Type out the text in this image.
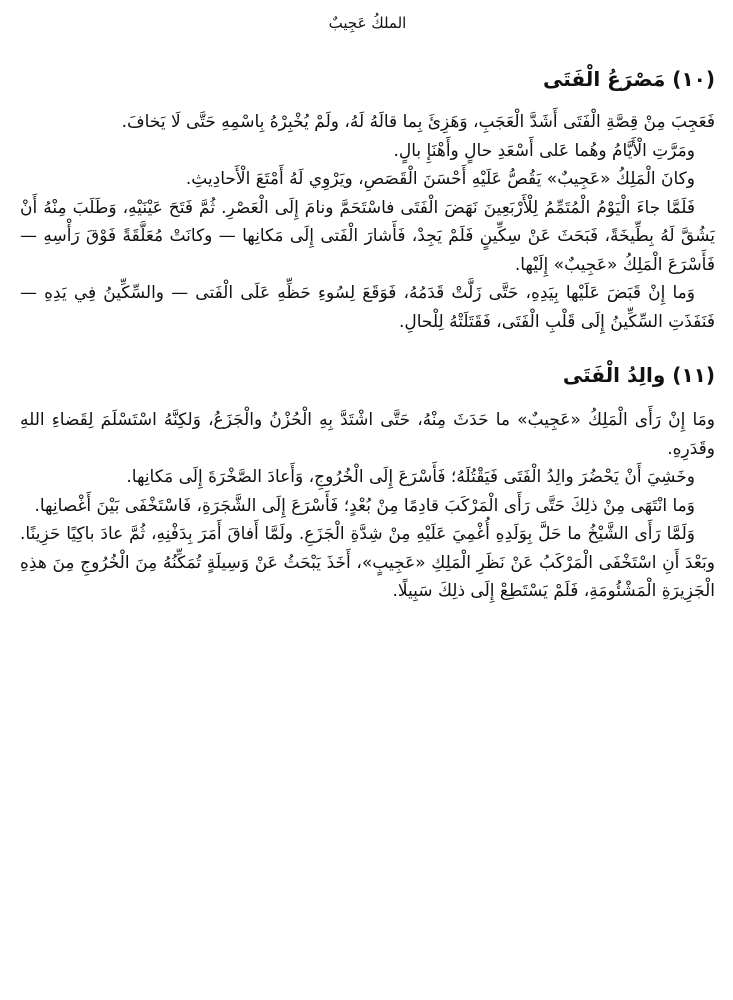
الملكُ عَجِيبٌ
(١٠) مَصْرَعُ الْفَتَى

فَعَجِبَ مِنْ قِصَّةِ الْفَتَى أَشَدَّ الْعَجَبِ، وَهَزِئَ بِما قالَهُ لَهُ، ولَمْ يُخْبِرْهُ بِاسْمِهِ حَتَّى لَا يَخافَ.

ومَرَّتِ الْأَيَّامُ وهُما عَلى أَسْعَدِ حالٍ وأَهْنَإِ بالٍ.

وكانَ الْمَلِكُ «عَجِيبٌ» يَقُصُّ عَلَيْهِ أَحْسَنَ الْقَصَصِ، ويَرْوِي لَهُ أَمْتَعَ الْأَحادِيثِ.

فَلَمَّا جاءَ الْيَوْمُ الْمُتَمِّمُ لِلْأَرْبَعِينَ نَهَضَ الْفَتَى فاسْتَحَمَّ ونامَ إِلَى الْعَصْرِ. ثُمَّ فَتَحَ عَيْنَيْهِ، وَطَلَبَ مِنْهُ أَنْ يَشُقَّ لَهُ بِطِّيخَةً، فَبَحَثَ عَنْ سِكِّينٍ فَلَمْ يَجِدْ، فَأَشارَ الْفَتى إِلَى مَكانِها — وكانَتْ مُعَلَّقَةً فَوْقَ رَأْسِهِ — فَأَسْرَعَ الْمَلِكُ «عَجِيبٌ» إِلَيْها.

وَما إِنْ قَبَضَ عَلَيْها بِيَدِهِ، حَتَّى زَلَّتْ قَدَمُهُ، فَوَقَعَ لِسُوءِ حَظِّهِ عَلَى الْفَتى — والسِّكِّينُ فِي يَدِهِ — فَنَفَذَتِ السِّكِّينُ إِلَى قَلْبِ الْفَتَى، فَقَتَلَتْهُ لِلْحالِ.

(١١) والِدُ الْفَتَى

ومَا إِنْ رَأَى الْمَلِكُ «عَجِيبٌ» ما حَدَثَ مِنْهُ، حَتَّى اشْتَدَّ بِهِ الْحُزْنُ والْجَزَعُ، وَلكِنَّهُ اسْتَسْلَمَ لِقَضاءِ اللهِ وقَدَرِهِ.

وخَشِيَ أَنْ يَحْضُرَ والِدُ الْفَتَى فَيَقْتُلَهُ؛ فَأَسْرَعَ إِلَى الْخُرُوجِ، وَأَعادَ الصَّخْرَةَ إِلَى مَكانِها.

وَما انْتَهَى مِنْ ذلِكَ حَتَّى رَأَى الْمَرْكَبَ قادِمًا مِنْ بُعْدٍ؛ فَأَسْرَعَ إِلَى الشَّجَرَةِ، فَاسْتَخْفَى بَيْنَ أَغْصانِها.

وَلَمَّا رَأَى الشَّيْخُ ما حَلَّ بِوَلَدِهِ أُغْمِيَ عَلَيْهِ مِنْ شِدَّةِ الْجَزَعِ. ولَمَّا أَفاقَ أَمَرَ بِدَفْنِهِ، ثُمَّ عادَ باكِيًا حَزِينًا. وبَعْدَ أَنِ اسْتَخْفَى الْمَرْكَبُ عَنْ نَظَرِ الْمَلِكِ «عَجِيبٍ»، أَخَذَ يَبْحَثُ عَنْ وَسِيلَةٍ تُمَكِّنُهُ مِنَ الْخُرُوجِ مِنَ هذِهِ الْجَزِيرَةِ الْمَشْئُومَةِ، فَلَمْ يَسْتَطِعْ إِلَى ذلِكَ سَبِيلًا.
